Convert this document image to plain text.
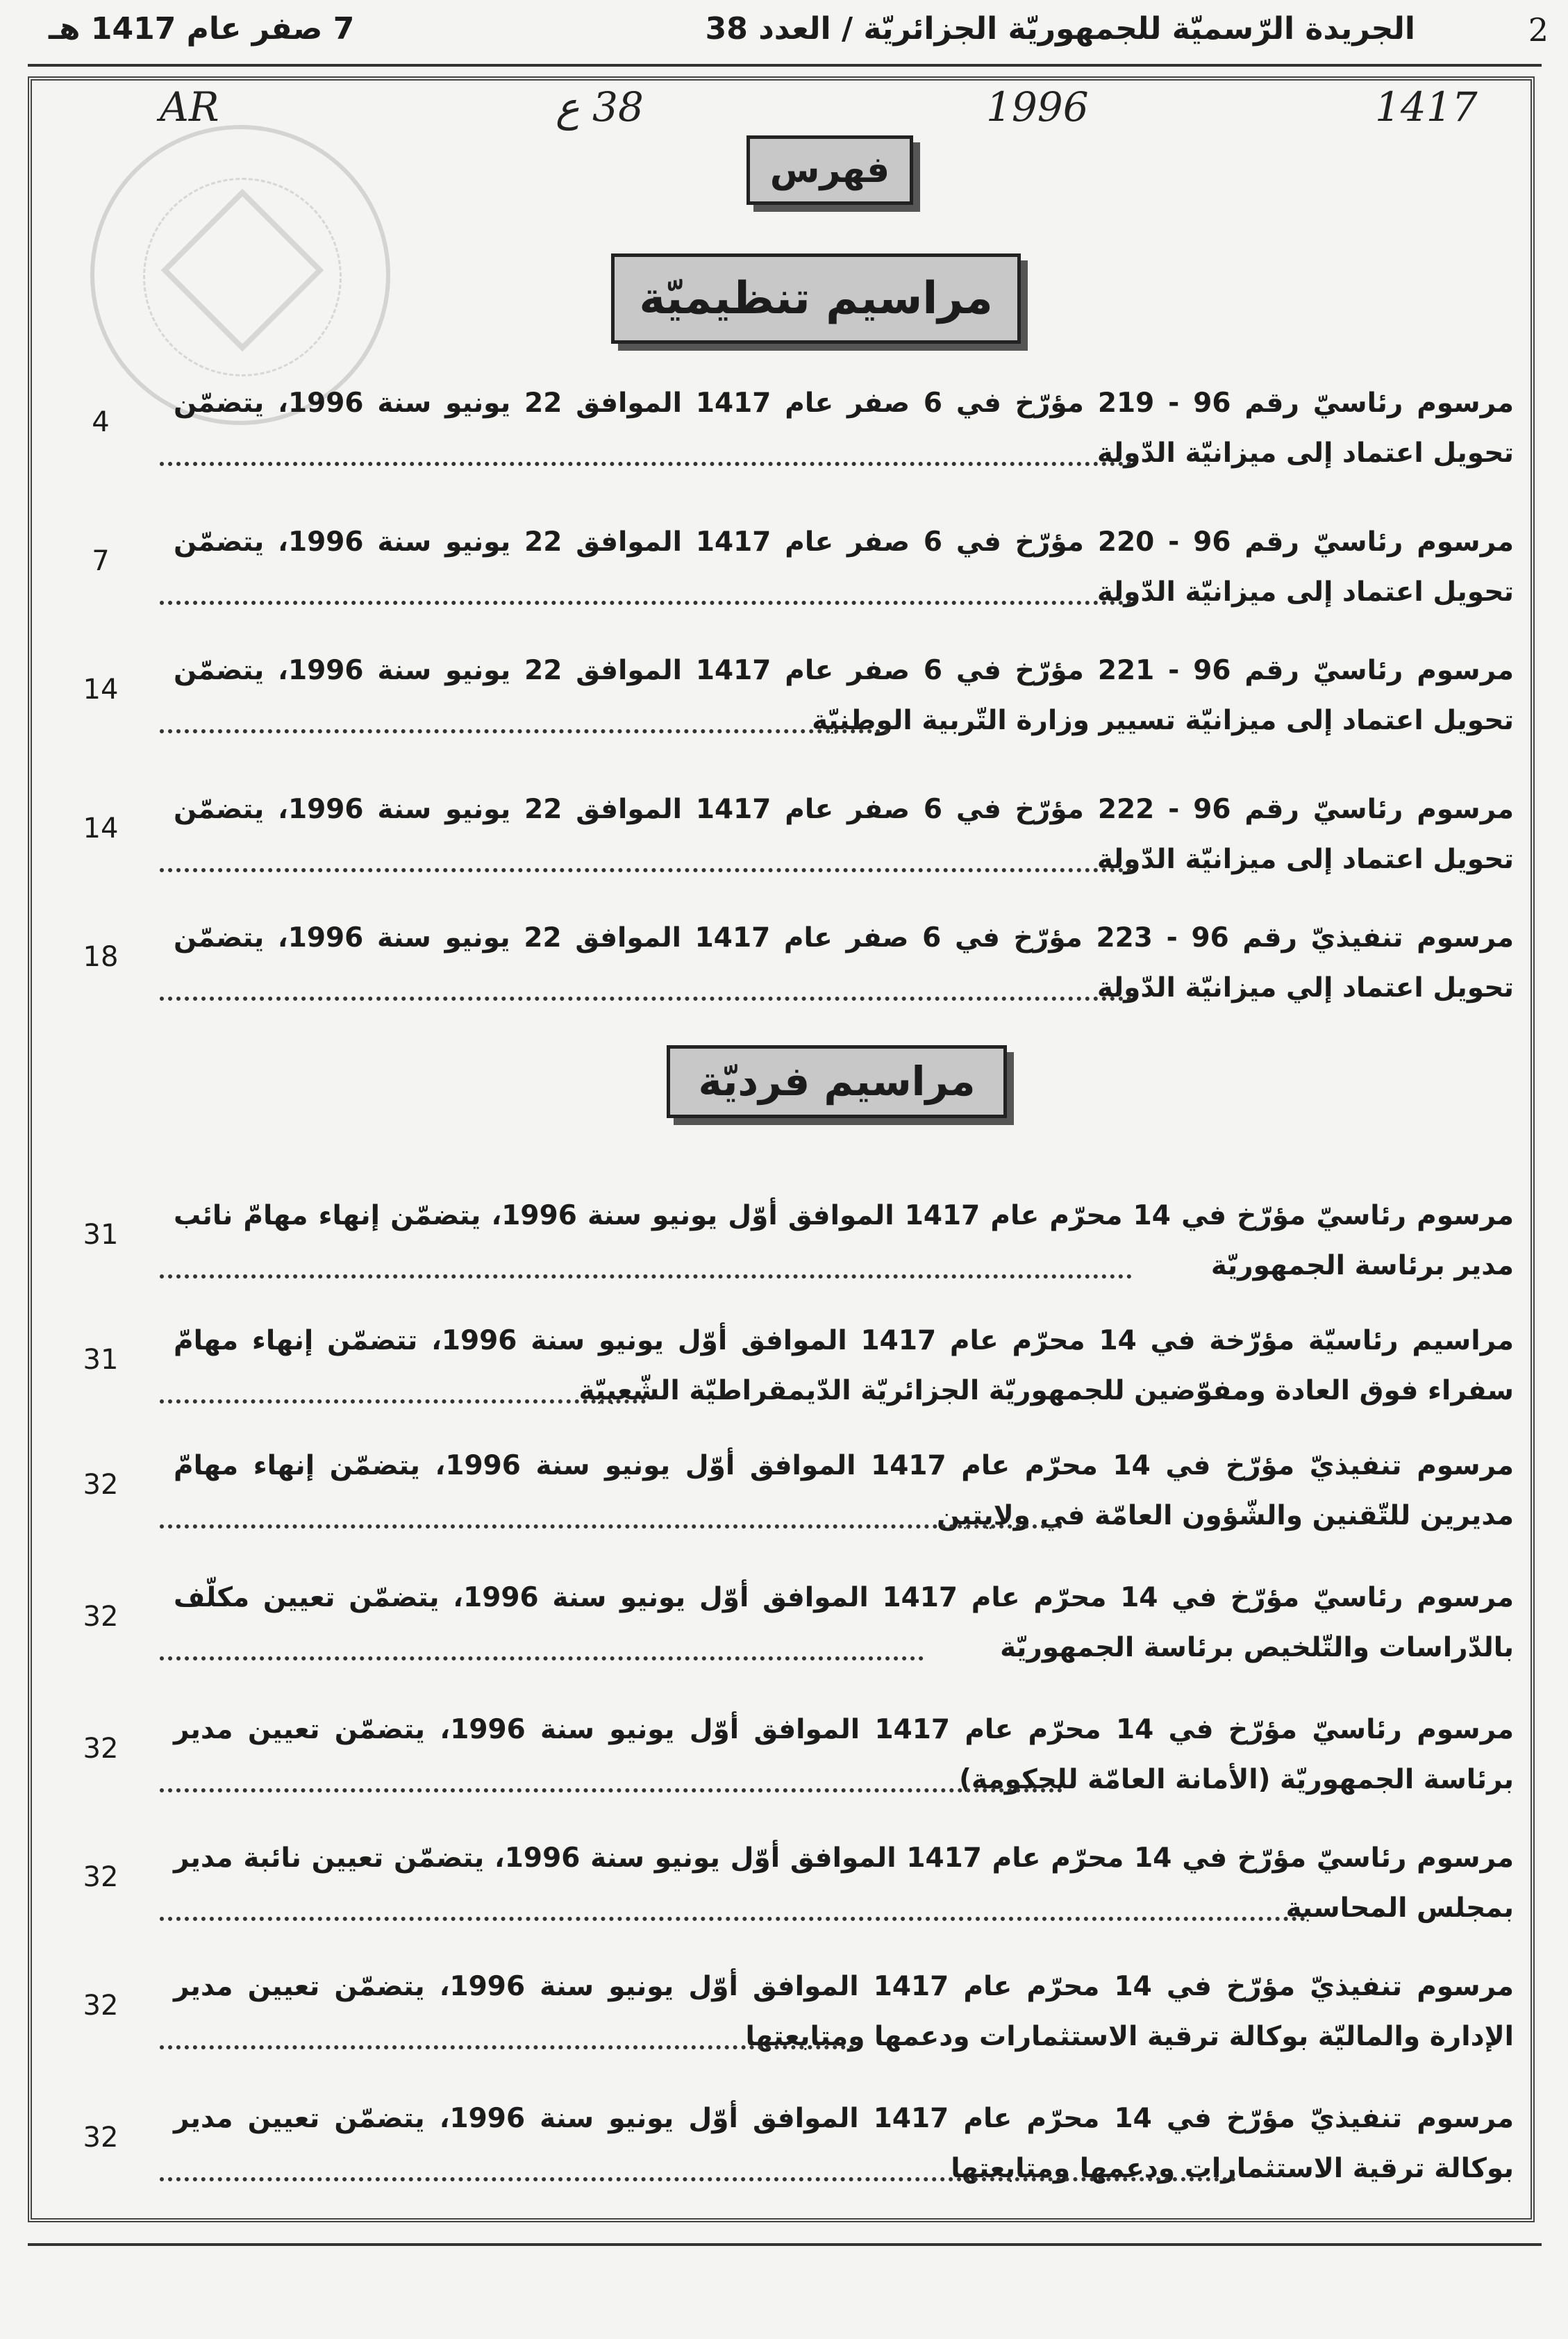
2
الجريدة الرّسميّة للجمهوريّة الجزائريّة / العدد 38
7 صفر عام 1417 هـ
AR	38 ع	1996	1417
فهرس
مراسيم تنظيميّة
مراسيم فرديّة
مرسوم رئاسيّ رقم 96 - 219 مؤرّخ في 6 صفر عام 1417 الموافق 22 يونيو سنة 1996، يتضمّن تحويل اعتماد إلى ميزانيّة الدّولة
4
مرسوم رئاسيّ رقم 96 - 220 مؤرّخ في 6 صفر عام 1417 الموافق 22 يونيو سنة 1996، يتضمّن تحويل اعتماد إلى ميزانيّة الدّولة
7
مرسوم رئاسيّ رقم 96 - 221 مؤرّخ في 6 صفر عام 1417 الموافق 22 يونيو سنة 1996، يتضمّن تحويل اعتماد إلى ميزانيّة تسيير وزارة التّربية الوطنيّة
14
مرسوم رئاسيّ رقم 96 - 222 مؤرّخ في 6 صفر عام 1417 الموافق 22 يونيو سنة 1996، يتضمّن تحويل اعتماد إلى ميزانيّة الدّولة
14
مرسوم تنفيذيّ رقم 96 - 223 مؤرّخ في 6 صفر عام 1417 الموافق 22 يونيو سنة 1996، يتضمّن تحويل اعتماد إلي ميزانيّة الدّولة
18
مرسوم رئاسيّ مؤرّخ في 14 محرّم عام 1417 الموافق أوّل يونيو سنة 1996، يتضمّن إنهاء مهامّ نائب مدير برئاسة الجمهوريّة
31
مراسيم رئاسيّة مؤرّخة في 14 محرّم عام 1417 الموافق أوّل يونيو سنة 1996، تتضمّن إنهاء مهامّ سفراء فوق العادة ومفوّضين للجمهوريّة الجزائريّة الدّيمقراطيّة الشّعبيّة
31
مرسوم تنفيذيّ مؤرّخ في 14 محرّم عام 1417 الموافق أوّل يونيو سنة 1996، يتضمّن إنهاء مهامّ مديرين للتّقنين والشّؤون العامّة في ولايتين
32
مرسوم رئاسيّ مؤرّخ في 14 محرّم عام 1417 الموافق أوّل يونيو سنة 1996، يتضمّن تعيين مكلّف بالدّراسات والتّلخيص برئاسة الجمهوريّة
32
مرسوم رئاسيّ مؤرّخ في 14 محرّم عام 1417 الموافق أوّل يونيو سنة 1996، يتضمّن تعيين مدير برئاسة الجمهوريّة (الأمانة العامّة للحكومة)
32
مرسوم رئاسيّ مؤرّخ في 14 محرّم عام 1417 الموافق أوّل يونيو سنة 1996، يتضمّن تعيين نائبة مدير بمجلس المحاسبة
32
مرسوم تنفيذيّ مؤرّخ في 14 محرّم عام 1417 الموافق أوّل يونيو سنة 1996، يتضمّن تعيين مدير الإدارة والماليّة بوكالة ترقية الاستثمارات ودعمها ومتابعتها
32
مرسوم تنفيذيّ مؤرّخ في 14 محرّم عام 1417 الموافق أوّل يونيو سنة 1996، يتضمّن تعيين مدير بوكالة ترقية الاستثمارات ودعمها ومتابعتها
32
